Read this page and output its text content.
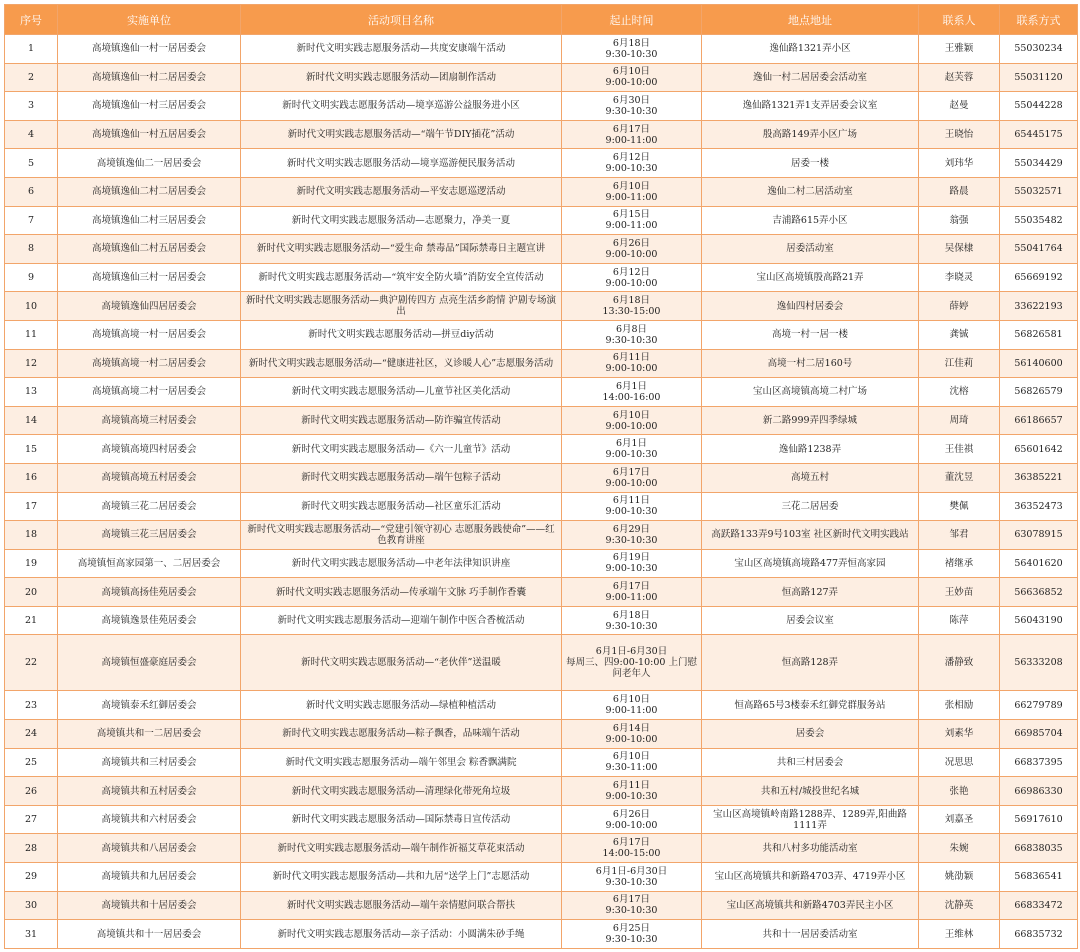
序号	实施单位	活动项目名称	起止时间	地点地址	联系人	联系方式
1	高境镇逸仙一村一居居委会	新时代文明实践志愿服务活动—共度安康端午活动	6月18日
9:30-10:30	逸仙路1321弄小区	王雅颖	55030234
2	高境镇逸仙一村二居居委会	新时代文明实践志愿服务活动—团扇制作活动	6月10日
9:00-10:00	逸仙一村二居居委会活动室	赵芙蓉	55031120
3	高境镇逸仙一村三居居委会	新时代文明实践志愿服务活动—境享巡游公益服务进小区	6月30日
9:30-10:30	逸仙路1321弄1支弄居委会议室	赵曼	55044228
4	高境镇逸仙一村五居居委会	新时代文明实践志愿服务活动—“端午节DIY插花”活动	6月17日
9:00-11:00	殷高路149弄小区广场	王晓怡	65445175
5	高境镇逸仙二一居居委会	新时代文明实践志愿服务活动—境享巡游便民服务活动	6月12日
9:00-10:30	居委一楼	刘玮华	55034429
6	高境镇逸仙二村二居居委会	新时代文明实践志愿服务活动—平安志愿巡逻活动	6月10日
9:00-11:00	逸仙二村二居活动室	路晨	55032571
7	高境镇逸仙二村三居居委会	新时代文明实践志愿服务活动—志愿聚力，净美一夏	6月15日
9:00-11:00	吉浦路615弄小区	翁强	55035482
8	高境镇逸仙二村五居居委会	新时代文明实践志愿服务活动—“爱生命 禁毒品”国际禁毒日主题宣讲	6月26日
9:00-10:00	居委活动室	吴保棣	55041764
9	高境镇逸仙三村一居居委会	新时代文明实践志愿服务活动—“筑牢安全防火墙”消防安全宣传活动	6月12日
9:00-10:00	宝山区高境镇殷高路21弄	李晓灵	65669192
10	高境镇逸仙四居居委会	新时代文明实践志愿服务活动—典沪剧传四方 点亮生活乡韵情 沪剧专场演出	6月18日
13:30-15:00	逸仙四村居委会	薛婷	33622193
11	高境镇高境一村一居居委会	新时代文明实践志愿服务活动—拼豆diy活动	6月8日
9:30-10:30	高境一村一居一楼	龚铖	56826581
12	高境镇高境一村二居居委会	新时代文明实践志愿服务活动—“健康进社区，义诊暖人心”志愿服务活动	6月11日
9:00-10:00	高境一村二居160号	江佳莉	56140600
13	高境镇高境二村一居居委会	新时代文明实践志愿服务活动—儿童节社区美化活动	6月1日
14:00-16:00	宝山区高境镇高境二村广场	沈榕	56826579
14	高境镇高境三村居委会	新时代文明实践志愿服务活动—防诈骗宣传活动	6月10日
9:00-10:00	新二路999弄四季绿城	周琦	66186657
15	高境镇高境四村居委会	新时代文明实践志愿服务活动—《六一儿童节》活动	6月1日
9:00-10:30	逸仙路1238弄	王佳祺	65601642
16	高境镇高境五村居委会	新时代文明实践志愿服务活动—端午包粽子活动	6月17日
9:00-10:00	高境五村	董沈昱	36385221
17	高境镇三花二居居委会	新时代文明实践志愿服务活动—社区童乐汇活动	6月11日
9:00-10:30	三花二居居委	樊佩	36352473
18	高境镇三花三居居委会	新时代文明实践志愿服务活动—“党建引领守初心 志愿服务践使命”——红色教育讲座	6月29日
9:30-10:30	高跃路133弄9号103室 社区新时代文明实践站	邹君	63078915
19	高境镇恒高家园第一、二居居委会	新时代文明实践志愿服务活动—中老年法律知识讲座	6月19日
9:00-10:30	宝山区高境镇高境路477弄恒高家园	褚继承	56401620
20	高境镇高扬佳苑居委会	新时代文明实践志愿服务活动—传承端午文脉 巧手制作香囊	6月17日
9:00-11:00	恒高路127弄	王妙苗	56636852
21	高境镇逸景佳苑居委会	新时代文明实践志愿服务活动—迎端午制作中医合香梳活动	6月18日
9:30-10:30	居委会议室	陈萍	56043190
22	高境镇恒盛豪庭居委会	新时代文明实践志愿服务活动—“老伙伴”送温暖	6月1日-6月30日
每周三、四9:00-10:00 上门慰问老年人	恒高路128弄	潘静致	56333208
23	高境镇泰禾红御居委会	新时代文明实践志愿服务活动—绿植种植活动	6月10日
9:00-11:00	恒高路65号3楼泰禾红御党群服务站	张相励	66279789
24	高境镇共和一二居居委会	新时代文明实践志愿服务活动—粽子飘香，品味端午活动	6月14日
9:00-10:00	居委会	刘素华	66985704
25	高境镇共和三村居委会	新时代文明实践志愿服务活动—端午邻里会 粽香飘满院	6月10日
9:30-11:00	共和三村居委会	况思思	66837395
26	高境镇共和五村居委会	新时代文明实践志愿服务活动—清理绿化带死角垃圾	6月11日
9:00-10:30	共和五村/城投世纪名城	张艳	66986330
27	高境镇共和六村居委会	新时代文明实践志愿服务活动—国际禁毒日宣传活动	6月26日
9:00-10:00	宝山区高境镇岭南路1288弄、1289弄,阳曲路1111弄	刘嘉圣	56917610
28	高境镇共和八居居委会	新时代文明实践志愿服务活动—端午制作祈福艾草花束活动	6月17日
14:00-15:00	共和八村多功能活动室	朱婉	66838035
29	高境镇共和九居居委会	新时代文明实践志愿服务活动—共和九居“送学上门”志愿活动	6月1日-6月30日
9:30-10:30	宝山区高境镇共和新路4703弄、4719弄小区	姚劭颖	56836541
30	高境镇共和十居居委会	新时代文明实践志愿服务活动—端午亲情慰问联合帮扶	6月17日
9:30-10:30	宝山区高境镇共和新路4703弄民主小区	沈静英	66833472
31	高境镇共和十一居居委会	新时代文明实践志愿服务活动—亲子活动：小圆满朱砂手绳	6月25日
9:30-10:30	共和十一居居委活动室	王维林	66835732
